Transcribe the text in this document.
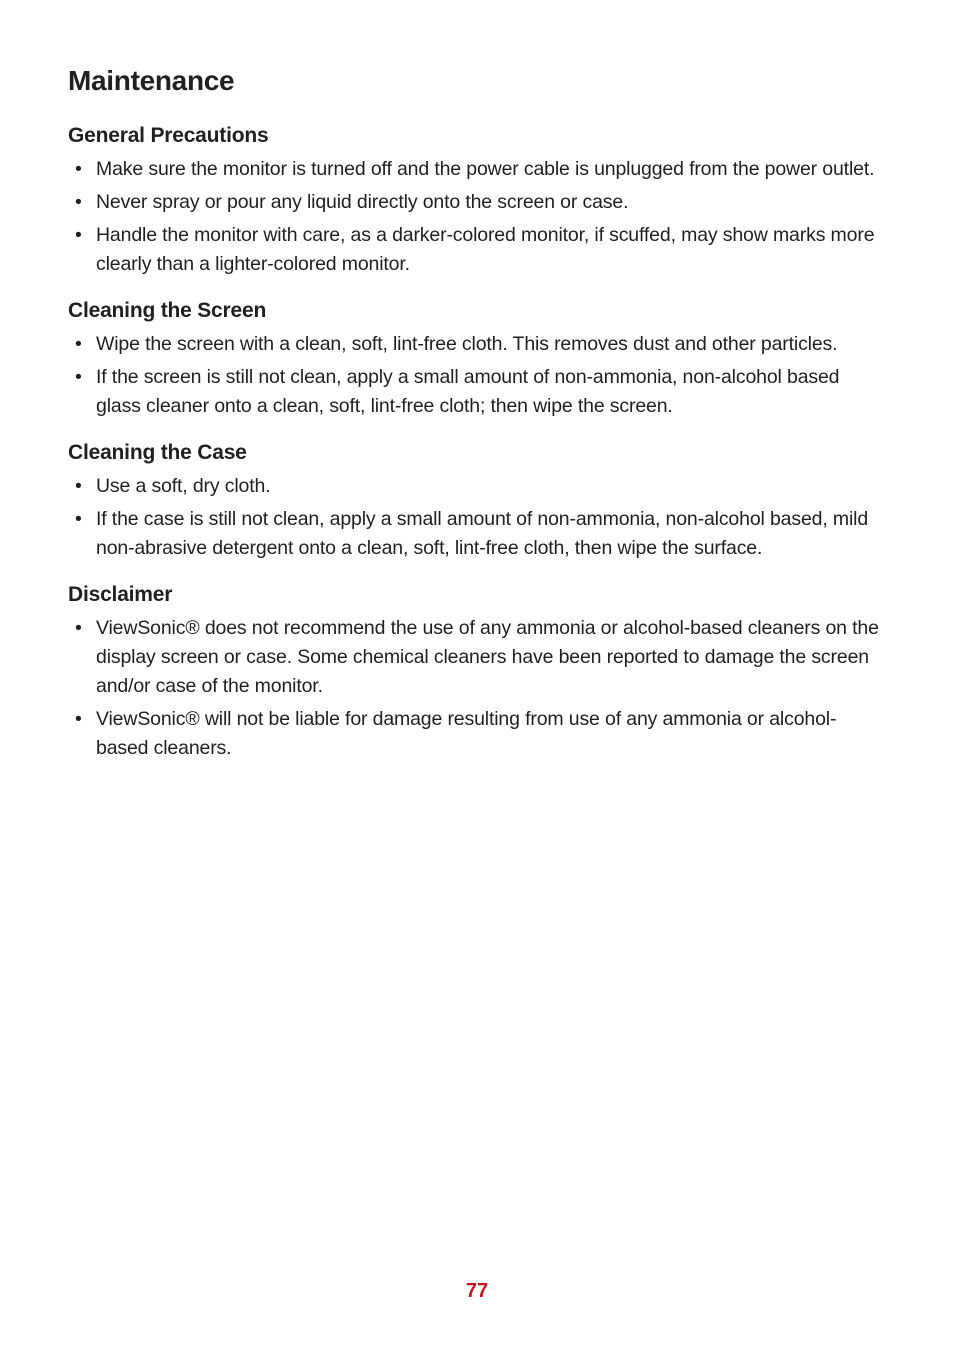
Maintenance
General Precautions
• Make sure the monitor is turned off and the power cable is unplugged from the power outlet.
• Never spray or pour any liquid directly onto the screen or case.
• Handle the monitor with care, as a darker-colored monitor, if scuffed, may show marks more clearly than a lighter-colored monitor.
Cleaning the Screen
• Wipe the screen with a clean, soft, lint-free cloth. This removes dust and other particles.
• If the screen is still not clean, apply a small amount of non-ammonia, non-alcohol based glass cleaner onto a clean, soft, lint-free cloth; then wipe the screen.
Cleaning the Case
• Use a soft, dry cloth.
• If the case is still not clean, apply a small amount of non-ammonia, non-alcohol based, mild non-abrasive detergent onto a clean, soft, lint-free cloth, then wipe the surface.
Disclaimer
• ViewSonic® does not recommend the use of any ammonia or alcohol-based cleaners on the display screen or case. Some chemical cleaners have been reported to damage the screen and/or case of the monitor.
• ViewSonic® will not be liable for damage resulting from use of any ammonia or alcohol-based cleaners.
77
